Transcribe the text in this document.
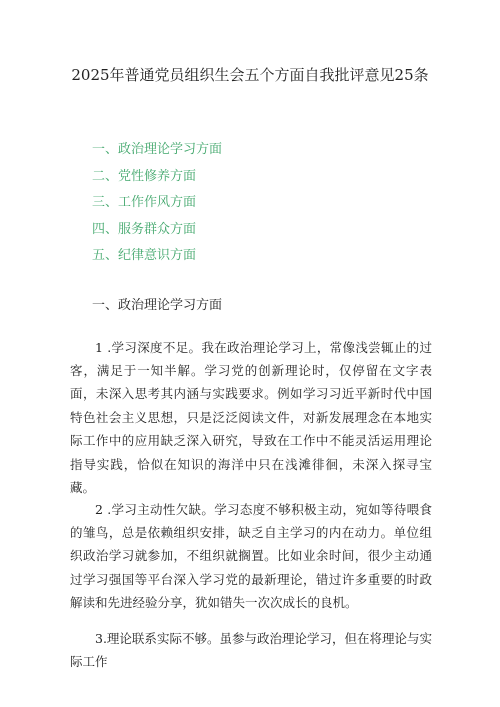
2025年普通党员组织生会五个方面自我批评意见25条
一、政治理论学习方面
二、党性修养方面
三、工作作风方面
四、服务群众方面
五、纪律意识方面
一、政治理论学习方面

1 .学习深度不足。我在政治理论学习上，常像浅尝辄止的过客，满足于一知半解。学习党的创新理论时，仅停留在文字表面，未深入思考其内涵与实践要求。例如学习习近平新时代中国特色社会主义思想，只是泛泛阅读文件，对新发展理念在本地实际工作中的应用缺乏深入研究，导致在工作中不能灵活运用理论指导实践，恰似在知识的海洋中只在浅滩徘徊，未深入探寻宝藏。

2 .学习主动性欠缺。学习态度不够积极主动，宛如等待喂食的雏鸟，总是依赖组织安排，缺乏自主学习的内在动力。单位组织政治学习就参加，不组织就搁置。比如业余时间，很少主动通过学习强国等平台深入学习党的最新理论，错过许多重要的时政解读和先进经验分享，犹如错失一次次成长的良机。

3.理论联系实际不够。虽参与政治理论学习，但在将理论与实际工作
